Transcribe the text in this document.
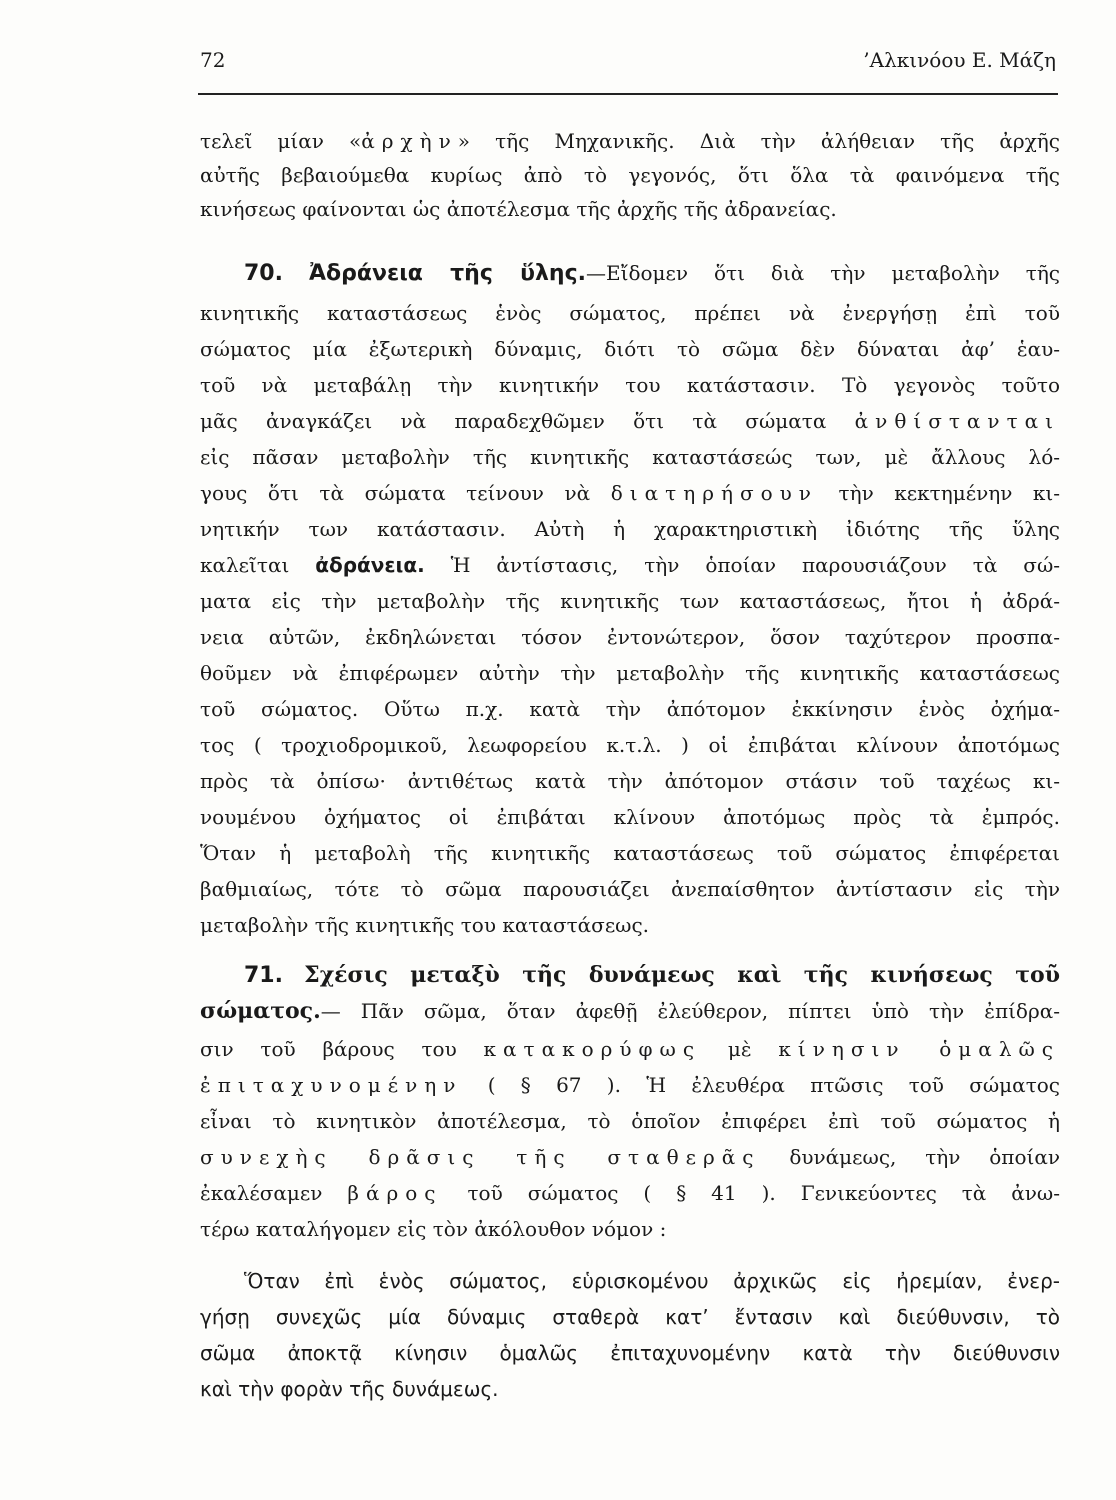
72	’Αλκινόου Ε. Μάζη
τελεῖ μίαν «ἀρχὴν» τῆς Μηχανικῆς. Διὰ τὴν ἀλήθειαν τῆς ἀρχῆς
αὐτῆς βεβαιούμεθα κυρίως ἀπὸ τὸ γεγονός, ὅτι ὅλα τὰ φαινόμενα τῆς
κινήσεως φαίνονται ὡς ἀποτέλεσμα τῆς ἀρχῆς τῆς ἀδρανείας.
70. Ἀδράνεια τῆς ὕλης.—Εἴδομεν ὅτι διὰ τὴν μεταβολὴν τῆς
κινητικῆς καταστάσεως ἑνὸς σώματος, πρέπει νὰ ἐνεργήσῃ ἐπὶ τοῦ
σώματος μία ἐξωτερικὴ δύναμις, διότι τὸ σῶμα δὲν δύναται ἀφ’ ἑαυ-
τοῦ νὰ μεταβάλῃ τὴν κινητικήν του κατάστασιν. Τὸ γεγονὸς τοῦτο
μᾶς ἀναγκάζει νὰ παραδεχθῶμεν ὅτι τὰ σώματα ἀνθίστανται
εἰς πᾶσαν μεταβολὴν τῆς κινητικῆς καταστάσεώς των, μὲ ἄλλους λό-
γους ὅτι τὰ σώματα τείνουν νὰ διατηρήσουν τὴν κεκτημένην κι-
νητικήν των κατάστασιν. Αὐτὴ ἡ χαρακτηριστικὴ ἰδιότης τῆς ὕλης
καλεῖται ἀδράνεια. Ἡ ἀντίστασις, τὴν ὁποίαν παρουσιάζουν τὰ σώ-
ματα εἰς τὴν μεταβολὴν τῆς κινητικῆς των καταστάσεως, ἤτοι ἡ ἀδρά-
νεια αὐτῶν, ἐκδηλώνεται τόσον ἐντονώτερον, ὅσον ταχύτερον προσπα-
θοῦμεν νὰ ἐπιφέρωμεν αὐτὴν τὴν μεταβολὴν τῆς κινητικῆς καταστάσεως
τοῦ σώματος. Οὕτω π.χ. κατὰ τὴν ἀπότομον ἐκκίνησιν ἑνὸς ὀχήμα-
τος ( τροχιοδρομικοῦ, λεωφορείου κ.τ.λ. ) οἱ ἐπιβάται κλίνουν ἀποτόμως
πρὸς τὰ ὀπίσω· ἀντιθέτως κατὰ τὴν ἀπότομον στάσιν τοῦ ταχέως κι-
νουμένου ὀχήματος οἱ ἐπιβάται κλίνουν ἀποτόμως πρὸς τὰ ἐμπρός.
Ὅταν ἡ μεταβολὴ τῆς κινητικῆς καταστάσεως τοῦ σώματος ἐπιφέρεται
βαθμιαίως, τότε τὸ σῶμα παρουσιάζει ἀνεπαίσθητον ἀντίστασιν εἰς τὴν
μεταβολὴν τῆς κινητικῆς του καταστάσεως.
71. Σχέσις μεταξὺ τῆς δυνάμεως καὶ τῆς κινήσεως τοῦ
σώματος.— Πᾶν σῶμα, ὅταν ἀφεθῇ ἐλεύθερον, πίπτει ὑπὸ τὴν ἐπίδρα-
σιν τοῦ βάρους του κατακορύφως μὲ κίνησιν ὁμαλῶς
ἐπιταχυνομένην ( § 67 ). Ἡ ἐλευθέρα πτῶσις τοῦ σώματος
εἶναι τὸ κινητικὸν ἀποτέλεσμα, τὸ ὁποῖον ἐπιφέρει ἐπὶ τοῦ σώματος ἡ
συνεχὴς δρᾶσις τῆς σταθερᾶς δυνάμεως, τὴν ὁποίαν
ἐκαλέσαμεν βάρος τοῦ σώματος ( § 41 ). Γενικεύοντες τὰ ἀνω-
τέρω καταλήγομεν εἰς τὸν ἀκόλουθον νόμον :
Ὅταν ἐπὶ ἑνὸς σώματος, εὑρισκομένου ἀρχικῶς εἰς ἠρεμίαν, ἐνερ-
γήσῃ συνεχῶς μία δύναμις σταθερὰ κατ’ ἔντασιν καὶ διεύθυνσιν, τὸ
σῶμα ἀποκτᾷ κίνησιν ὁμαλῶς ἐπιταχυνομένην κατὰ τὴν διεύθυνσιν
καὶ τὴν φορὰν τῆς δυνάμεως.
